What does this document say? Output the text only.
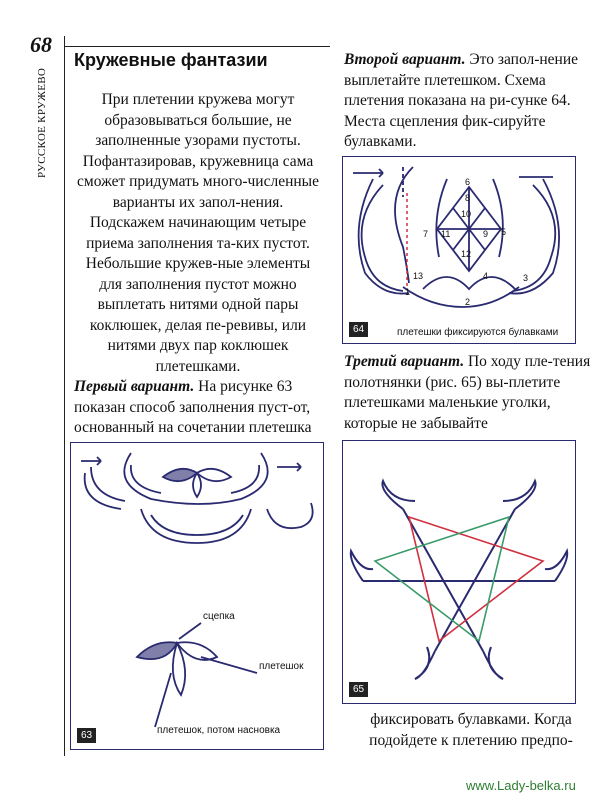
68
РУССКОЕ КРУЖЕВО
Кружевные фантазии

При плетении кружева могут образовываться большие, не заполненные узорами пустоты. Пофантазировав, кружевница сама сможет придумать много-численные варианты их запол-нения. Подскажем начинающим четыре приема заполнения та-ких пустот. Небольшие кружев-ные элементы для заполнения пустот можно выплетать нитями одной пары коклюшек, делая пе-ревивы, или нитями двух пар коклюшек плетешками.

Первый вариант. На рисунке 63 показан способ заполнения пуст-от, основанный на сочетании плетешка

Второй вариант. Это запол-нение выплетайте плетешком. Схема плетения показана на ри-сунке 64. Места сцепления фик-сируйте булавками.

6
7
10
11	9
12
5
13
1
2
3
4
8
плетешки фиксируются булавками
64

Третий вариант. По ходу пле-тения полотнянки (рис. 65) вы-плетите плетешками маленькие уголки, которые не забывайте

сцепка
плетешок
плетешок, потом насновка
63
65
фиксировать булавками. Когда подойдете к плетению предпо-
www.Lady-belka.ru
